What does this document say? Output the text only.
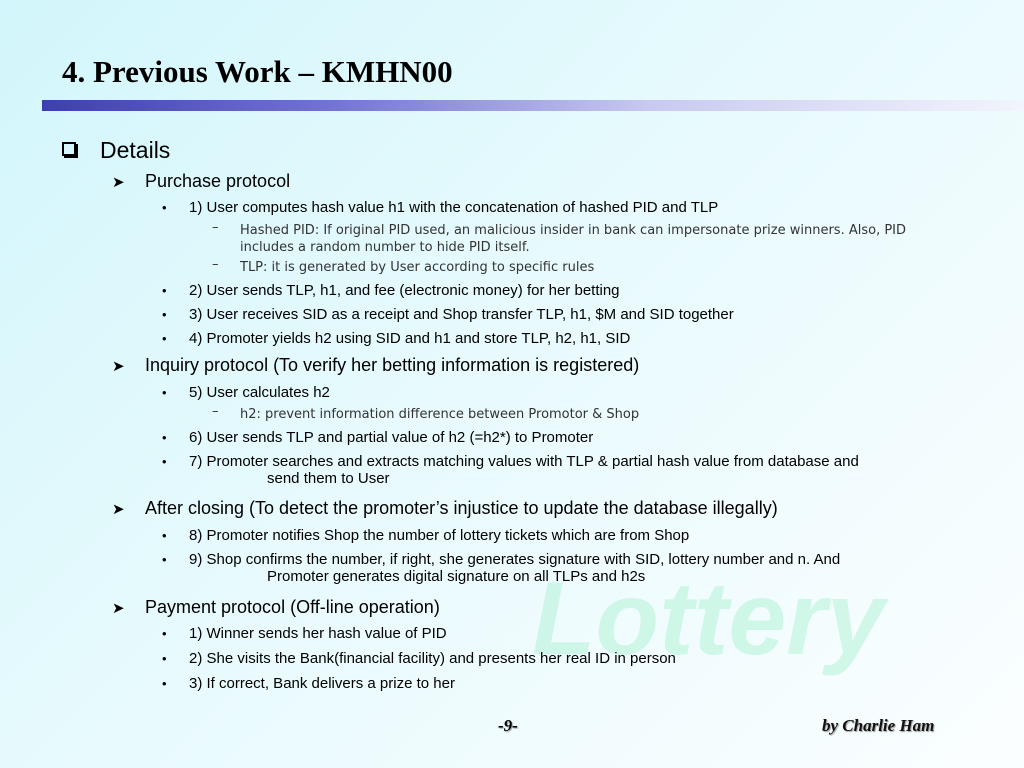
4. Previous Work – KMHN00

Lottery

Details
➤ Purchase protocol
• 1) User computes hash value h1 with the concatenation of hashed PID and TLP
– Hashed PID: If original PID used, an malicious insider in bank can impersonate prize winners. Also, PID
includes a random number to hide PID itself.
– TLP: it is generated by User according to specific rules
• 2) User sends TLP, h1, and fee (electronic money) for her betting
• 3) User receives SID as a receipt and Shop transfer TLP, h1, $M and SID together
• 4) Promoter yields h2 using SID and h1 and store TLP, h2, h1, SID
➤ Inquiry protocol (To verify her betting information is registered)
• 5) User calculates h2
– h2: prevent information difference between Promotor & Shop
• 6) User sends TLP and partial value of h2 (=h2*) to Promoter
• 7) Promoter searches and extracts matching values with TLP & partial hash value from database and
send them to User
➤ After closing (To detect the promoter’s injustice to update the database illegally)
• 8) Promoter notifies Shop the number of lottery tickets which are from Shop
• 9) Shop confirms the number, if right, she generates signature with SID, lottery number and n. And
Promoter generates digital signature on all TLPs and h2s
➤ Payment protocol (Off-line operation)
• 1) Winner sends her hash value of PID
• 2) She visits the Bank(financial facility) and presents her real ID in person
• 3) If correct, Bank delivers a prize to her

-9-	by Charlie Ham
